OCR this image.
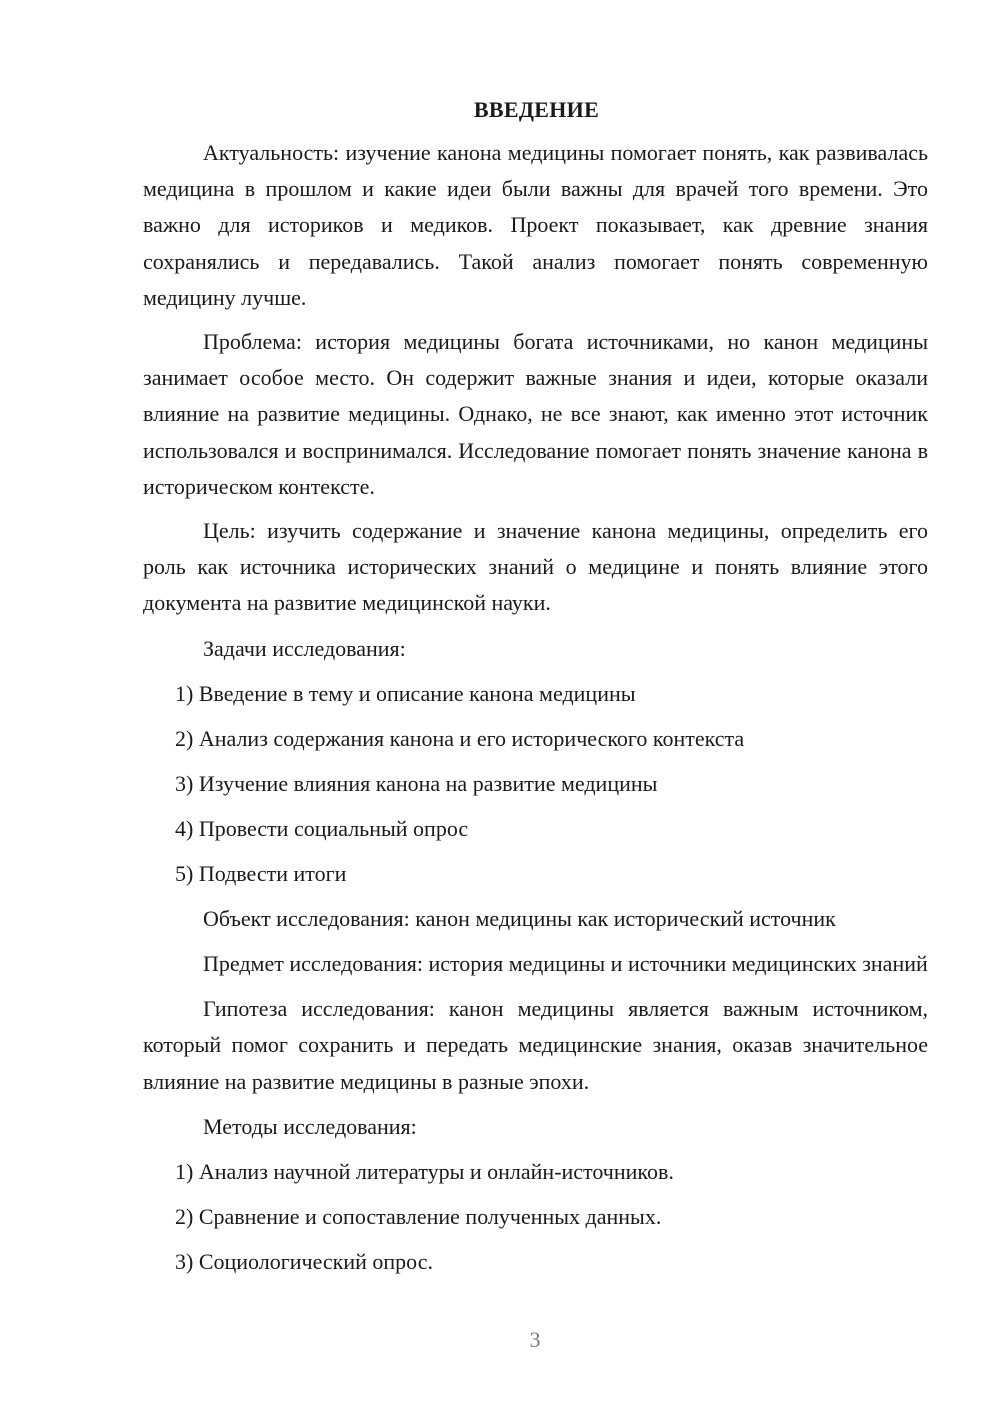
ВВЕДЕНИЕ

Актуальность: изучение канона медицины помогает понять, как развивалась медицина в прошлом и какие идеи были важны для врачей того времени. Это важно для историков и медиков. Проект показывает, как древние знания сохранялись и передавались. Такой анализ помогает понять современную медицину лучше.

Проблема: история медицины богата источниками, но канон медицины занимает особое место. Он содержит важные знания и идеи, которые оказали влияние на развитие медицины. Однако, не все знают, как именно этот источник использовался и воспринимался. Исследование помогает понять значение канона в историческом контексте.

Цель: изучить содержание и значение канона медицины, определить его роль как источника исторических знаний о медицине и понять влияние этого документа на развитие медицинской науки.

Задачи исследования:

1) Введение в тему и описание канона медицины

2) Анализ содержания канона и его исторического контекста

3) Изучение влияния канона на развитие медицины

4) Провести социальный опрос

5) Подвести итоги

Объект исследования: канон медицины как исторический источник

Предмет исследования: история медицины и источники медицинских знаний

Гипотеза исследования: канон медицины является важным источником, который помог сохранить и передать медицинские знания, оказав значительное влияние на развитие медицины в разные эпохи.

Методы исследования:

1) Анализ научной литературы и онлайн-источников.

2) Сравнение и сопоставление полученных данных.

3) Социологический опрос.

3
